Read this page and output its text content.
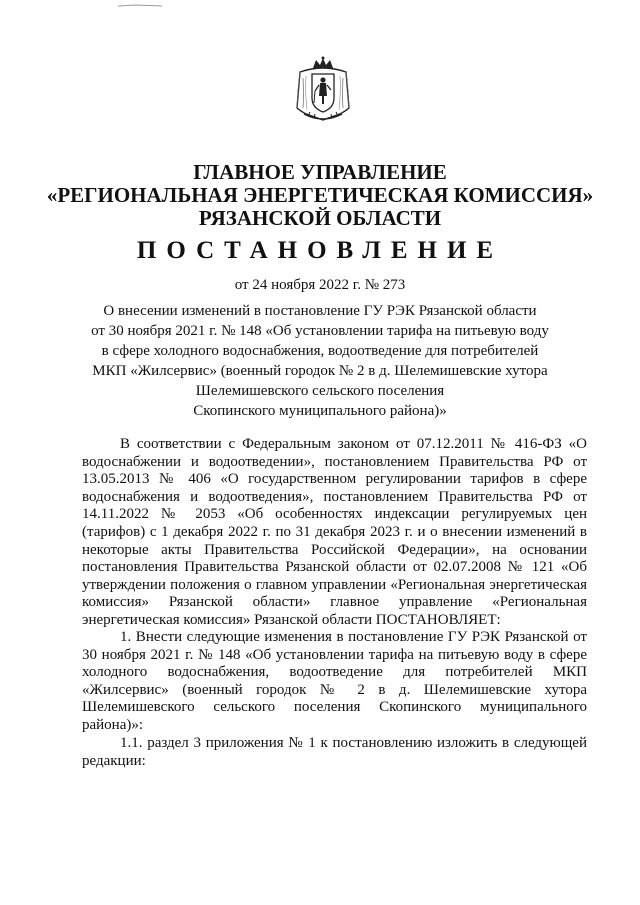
ГЛАВНОЕ УПРАВЛЕНИЕ

«РЕГИОНАЛЬНАЯ ЭНЕРГЕТИЧЕСКАЯ КОМИССИЯ»

РЯЗАНСКОЙ ОБЛАСТИ

ПОСТАНОВЛЕНИЕ

от 24 ноября 2022 г. № 273
О внесении изменений в постановление ГУ РЭК Рязанской области
от 30 ноября 2021 г. № 148 «Об установлении тарифа на питьевую воду
в сфере холодного водоснабжения, водоотведение для потребителей
МКП «Жилсервис» (военный городок № 2 в д. Шелемишевские хутора
Шелемишевского сельского поселения
Скопинского муниципального района)»

В соответствии с Федеральным законом от 07.12.2011 № 416-ФЗ «О водоснабжении и водоотведении», постановлением Правительства РФ от 13.05.2013 № 406 «О государственном регулировании тарифов в сфере водоснабжения и водоотведения», постановлением Правительства РФ от 14.11.2022 № 2053 «Об особенностях индексации регулируемых цен (тарифов) с 1 декабря 2022 г. по 31 декабря 2023 г. и о внесении изменений в некоторые акты Правительства Российской Федерации», на основании постановления Правительства Рязанской области от 02.07.2008 № 121 «Об утверждении положения о главном управлении «Региональная энергетическая комиссия» Рязанской области» главное управление «Региональная энергетическая комиссия» Рязанской области ПОСТАНОВЛЯЕТ:

1. Внести следующие изменения в постановление ГУ РЭК Рязанской от 30 ноября 2021 г. № 148 «Об установлении тарифа на питьевую воду в сфере холодного водоснабжения, водоотведение для потребителей МКП «Жилсервис» (военный городок № 2 в д. Шелемишевские хутора Шелемишевского сельского поселения Скопинского муниципального района)»:

1.1. раздел 3 приложения № 1 к постановлению изложить в следующей редакции:
